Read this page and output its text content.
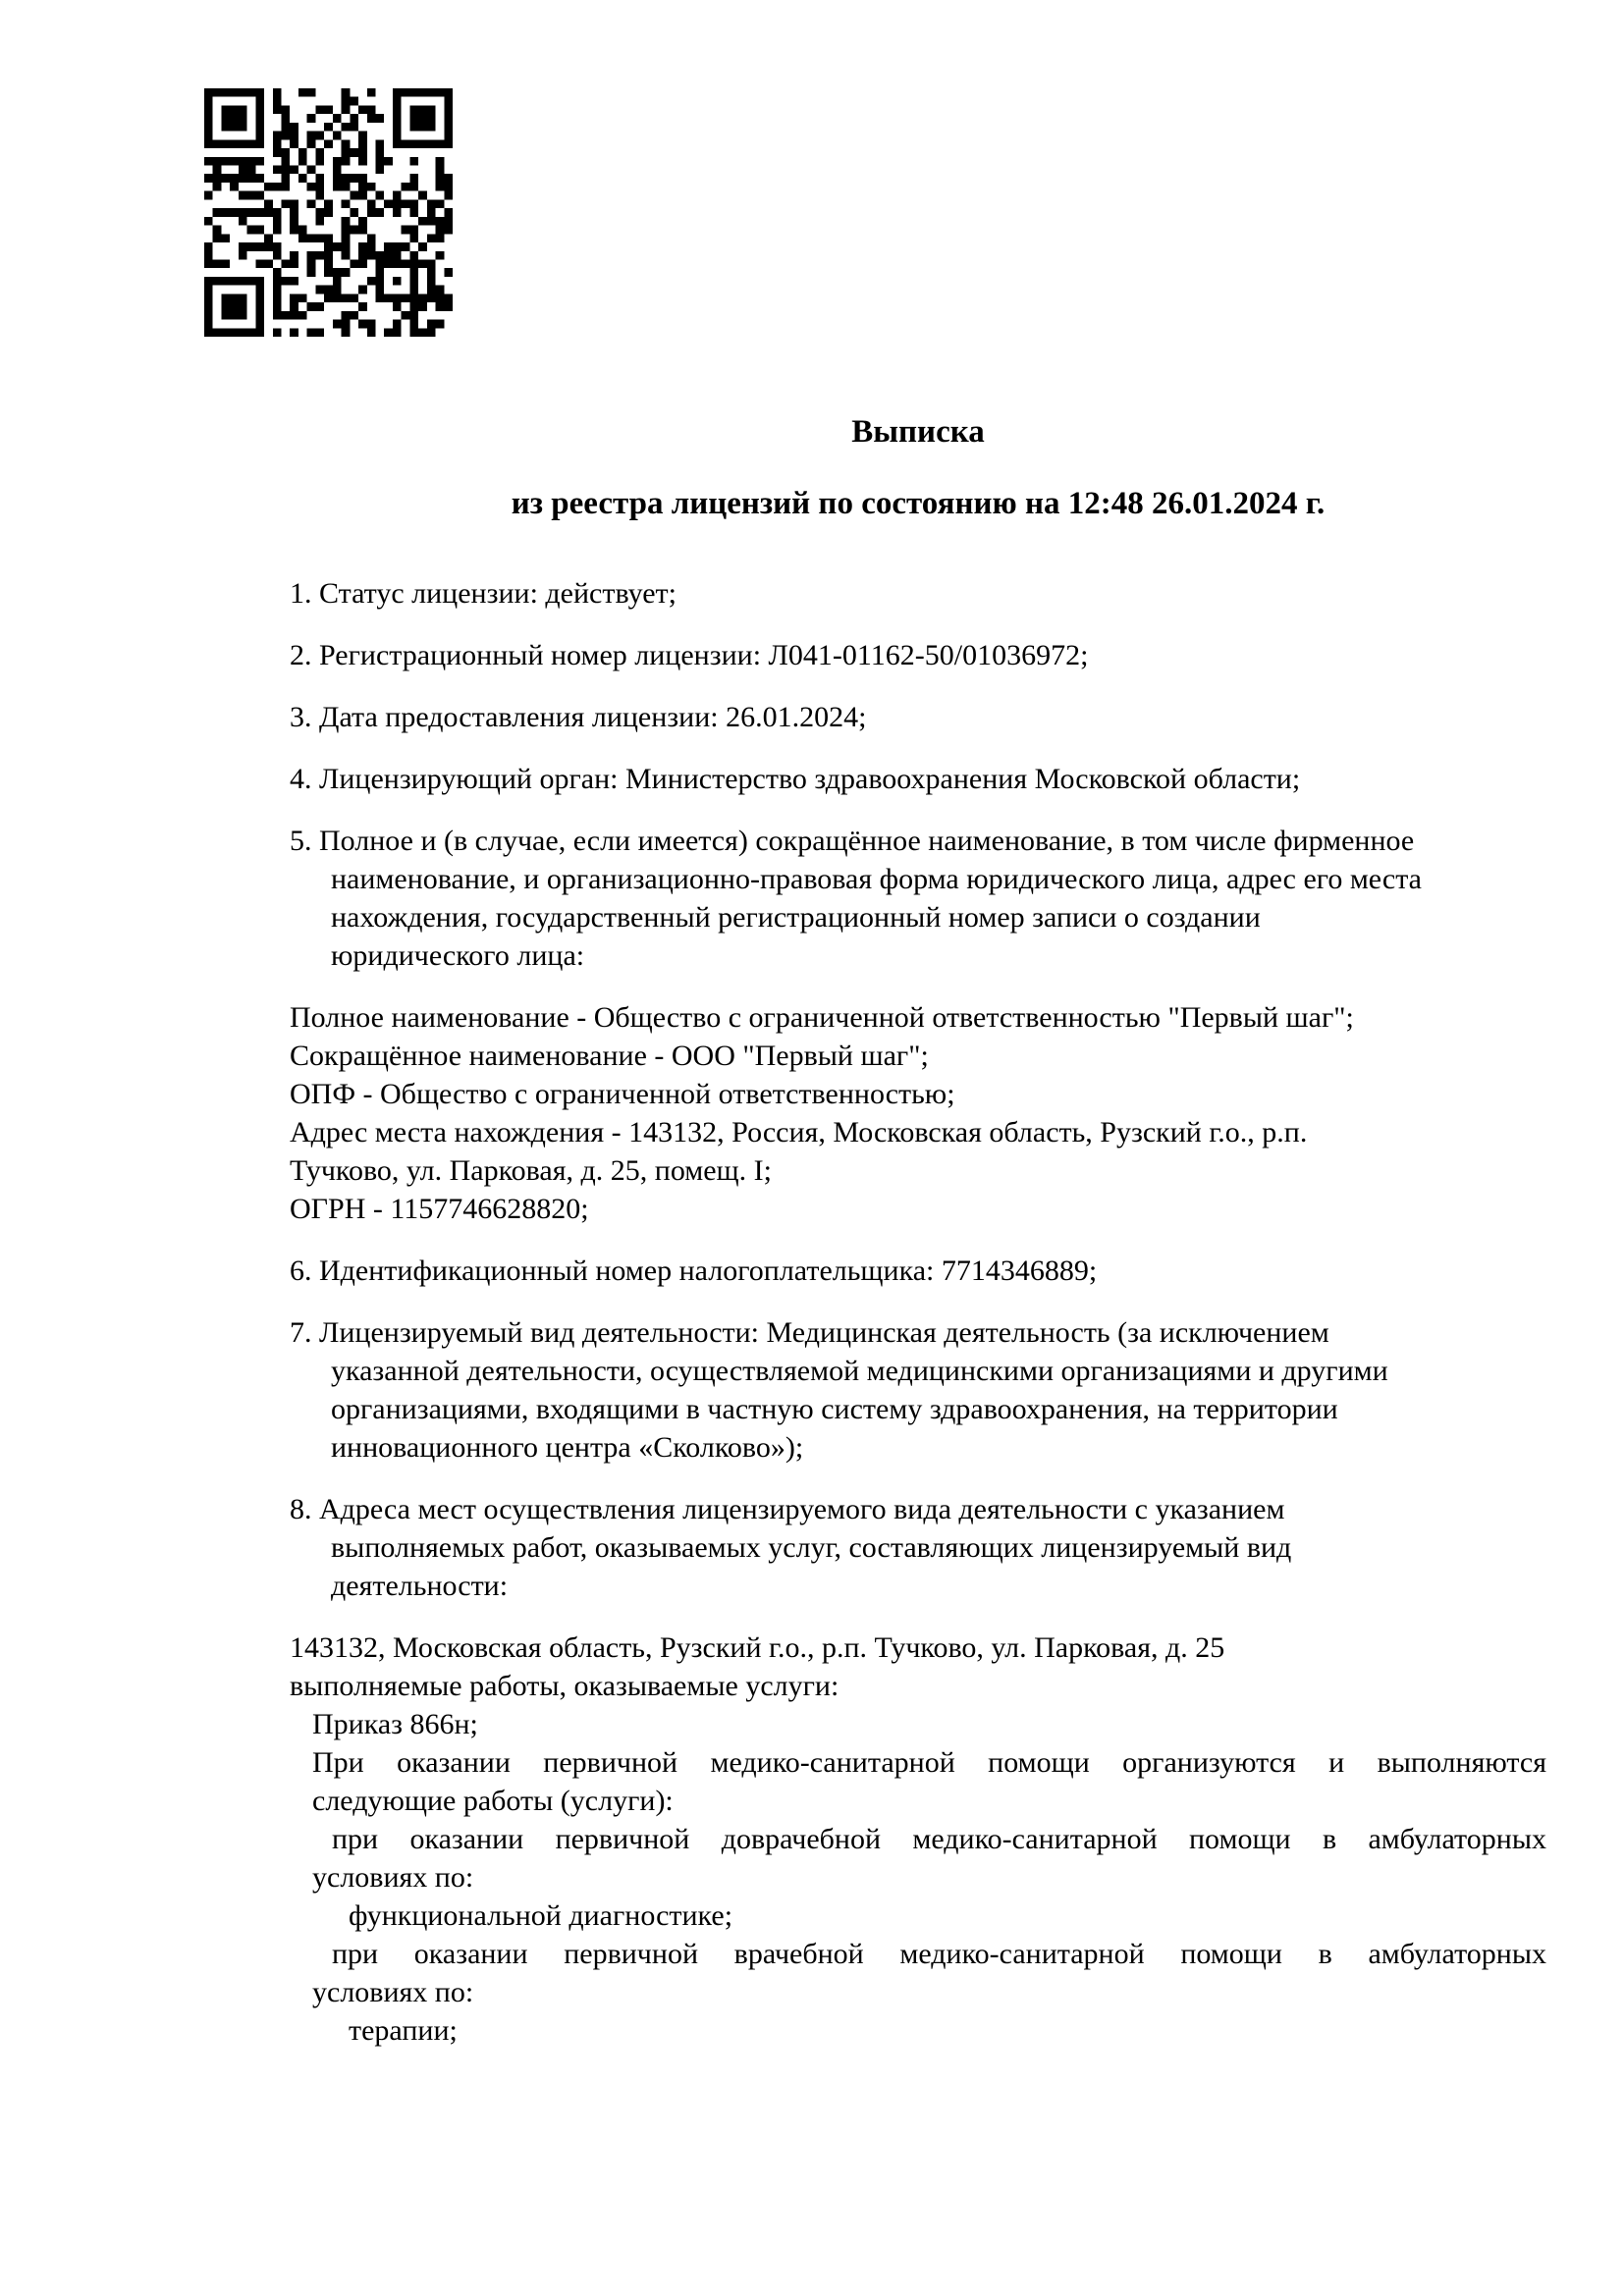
Выписка
из реестра лицензий по состоянию на 12:48 26.01.2024 г.
1. Статус лицензии: действует;
2. Регистрационный номер лицензии: Л041-01162-50/01036972;
3. Дата предоставления лицензии: 26.01.2024;
4. Лицензирующий орган: Министерство здравоохранения Московской области;
5. Полное и (в случае, если имеется) сокращённое наименование, в том числе фирменное
наименование, и организационно-правовая форма юридического лица, адрес его места
нахождения, государственный регистрационный номер записи о создании
юридического лица:
Полное наименование - Общество с ограниченной ответственностью "Первый шаг";
Сокращённое наименование - ООО "Первый шаг";
ОПФ - Общество с ограниченной ответственностью;
Адрес места нахождения - 143132, Россия, Московская область, Рузский г.о., р.п.
Тучково, ул. Парковая, д. 25, помещ. I;
ОГРН - 1157746628820;
6. Идентификационный номер налогоплательщика: 7714346889;
7. Лицензируемый вид деятельности: Медицинская деятельность (за исключением
указанной деятельности, осуществляемой медицинскими организациями и другими
организациями, входящими в частную систему здравоохранения, на территории
инновационного центра «Сколково»);
8. Адреса мест осуществления лицензируемого вида деятельности с указанием
выполняемых работ, оказываемых услуг, составляющих лицензируемый вид
деятельности:
143132, Московская область, Рузский г.о., р.п. Тучково, ул. Парковая, д. 25
выполняемые работы, оказываемые услуги:
Приказ 866н;
При оказании первичной медико-санитарной помощи организуются и выполняются
следующие работы (услуги):
при оказании первичной доврачебной медико-санитарной помощи в амбулаторных
условиях по:
функциональной диагностике;
при оказании первичной врачебной медико-санитарной помощи в амбулаторных
условиях по:
терапии;
